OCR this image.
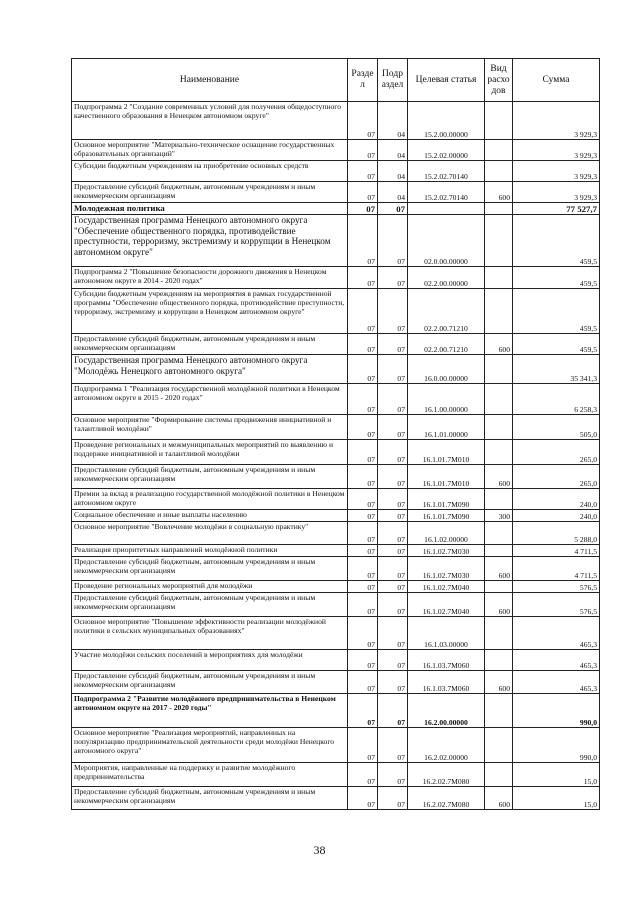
Наименование	Разде л	Подр аздел	Целевая статья	Вид расхо дов	Сумма
Подпрограмма 2 "Создание современных условий для получения общедоступного качественного образования в Ненецком автономном округе"	07	04	15.2.00.00000		3 929,3
Основное мероприятие "Материально-техническое оснащение государственных образовательных организаций"	07	04	15.2.02.00000		3 929,3
Субсидии бюджетным учреждениям на приобретение основных средств	07	04	15.2.02.70140		3 929,3
Предоставление субсидий бюджетным, автономным учреждениям и иным некоммерческим организациям	07	04	15.2.02.70140	600	3 929,3
Молодежная политика	07	07			77 527,7
Государственная программа Ненецкого автономного округа "Обеспечение общественного порядка, противодействие преступности, терроризму, экстремизму и коррупции в Ненецком автономном округе"	07	07	02.0.00.00000		459,5
Подпрограмма 2 "Повышение безопасности дорожного движения в Ненецком автономном округе в 2014 - 2020 годах"	07	07	02.2.00.00000		459,5
Субсидии бюджетным учреждениям на мероприятия в рамках государственной программы "Обеспечение общественного порядка, противодействие преступности, терроризму, экстремизму и коррупции в Ненецком автономном округе"	07	07	02.2.00.71210		459,5
Предоставление субсидий бюджетным, автономным учреждениям и иным некоммерческим организациям	07	07	02.2.00.71210	600	459,5
Государственная программа Ненецкого автономного округа "Молодёжь Ненецкого автономного округа"	07	07	16.0.00.00000		35 341,3
Подпрограмма 1 "Реализация государственной молодёжной политики в Ненецком автономном округе в 2015 - 2020 годах"	07	07	16.1.00.00000		6 258,3
Основное мероприятие "Формирование системы продвижения инициативной и талантливой молодёжи"	07	07	16.1.01.00000		505,0
Проведение региональных и межмуниципальных мероприятий по выявлению и поддержке инициативной и талантливой молодёжи	07	07	16.1.01.7М010		265,0
Предоставление субсидий бюджетным, автономным учреждениям и иным некоммерческим организациям	07	07	16.1.01.7М010	600	265,0
Премии за вклад в реализацию государственной молодёжной политики в Ненецком автономном округе	07	07	16.1.01.7М090		240,0
Социальное обеспечение и иные выплаты населению	07	07	16.1.01.7М090	300	240,0
Основное мероприятие "Вовлечение молодёжи в социальную практику"	07	07	16.1.02.00000		5 288,0
Реализация приоритетных направлений молодёжной политики	07	07	16.1.02.7М030		4 711,5
Предоставление субсидий бюджетным, автономным учреждениям и иным некоммерческим организациям	07	07	16.1.02.7М030	600	4 711,5
Проведение региональных мероприятий для молодёжи	07	07	16.1.02.7М040		576,5
Предоставление субсидий бюджетным, автономным учреждениям и иным некоммерческим организациям	07	07	16.1.02.7М040	600	576,5
Основное мероприятие "Повышение эффективности реализации молодёжной политики в сельских муниципальных образованиях"	07	07	16.1.03.00000		465,3
Участие молодёжи сельских поселений в мероприятиях для молодёжи	07	07	16.1.03.7М060		465,3
Предоставление субсидий бюджетным, автономным учреждениям и иным некоммерческим организациям	07	07	16.1.03.7М060	600	465,3
Подпрограмма 2 "Развитие молодёжного предпринимательства в Ненецком автономном округе на 2017 - 2020 годы"	07	07	16.2.00.00000		990,0
Основное мероприятие "Реализация мероприятий, направленных на популяризацию предпринимательской деятельности среди молодёжи Ненецкого автономного округа"	07	07	16.2.02.00000		990,0
Мероприятия, направленные на поддержку и развитие молодёжного предпринимательства	07	07	16.2.02.7М080		15,0
Предоставление субсидий бюджетным, автономным учреждениям и иным некоммерческим организациям	07	07	16.2.02.7М080	600	15,0
38
